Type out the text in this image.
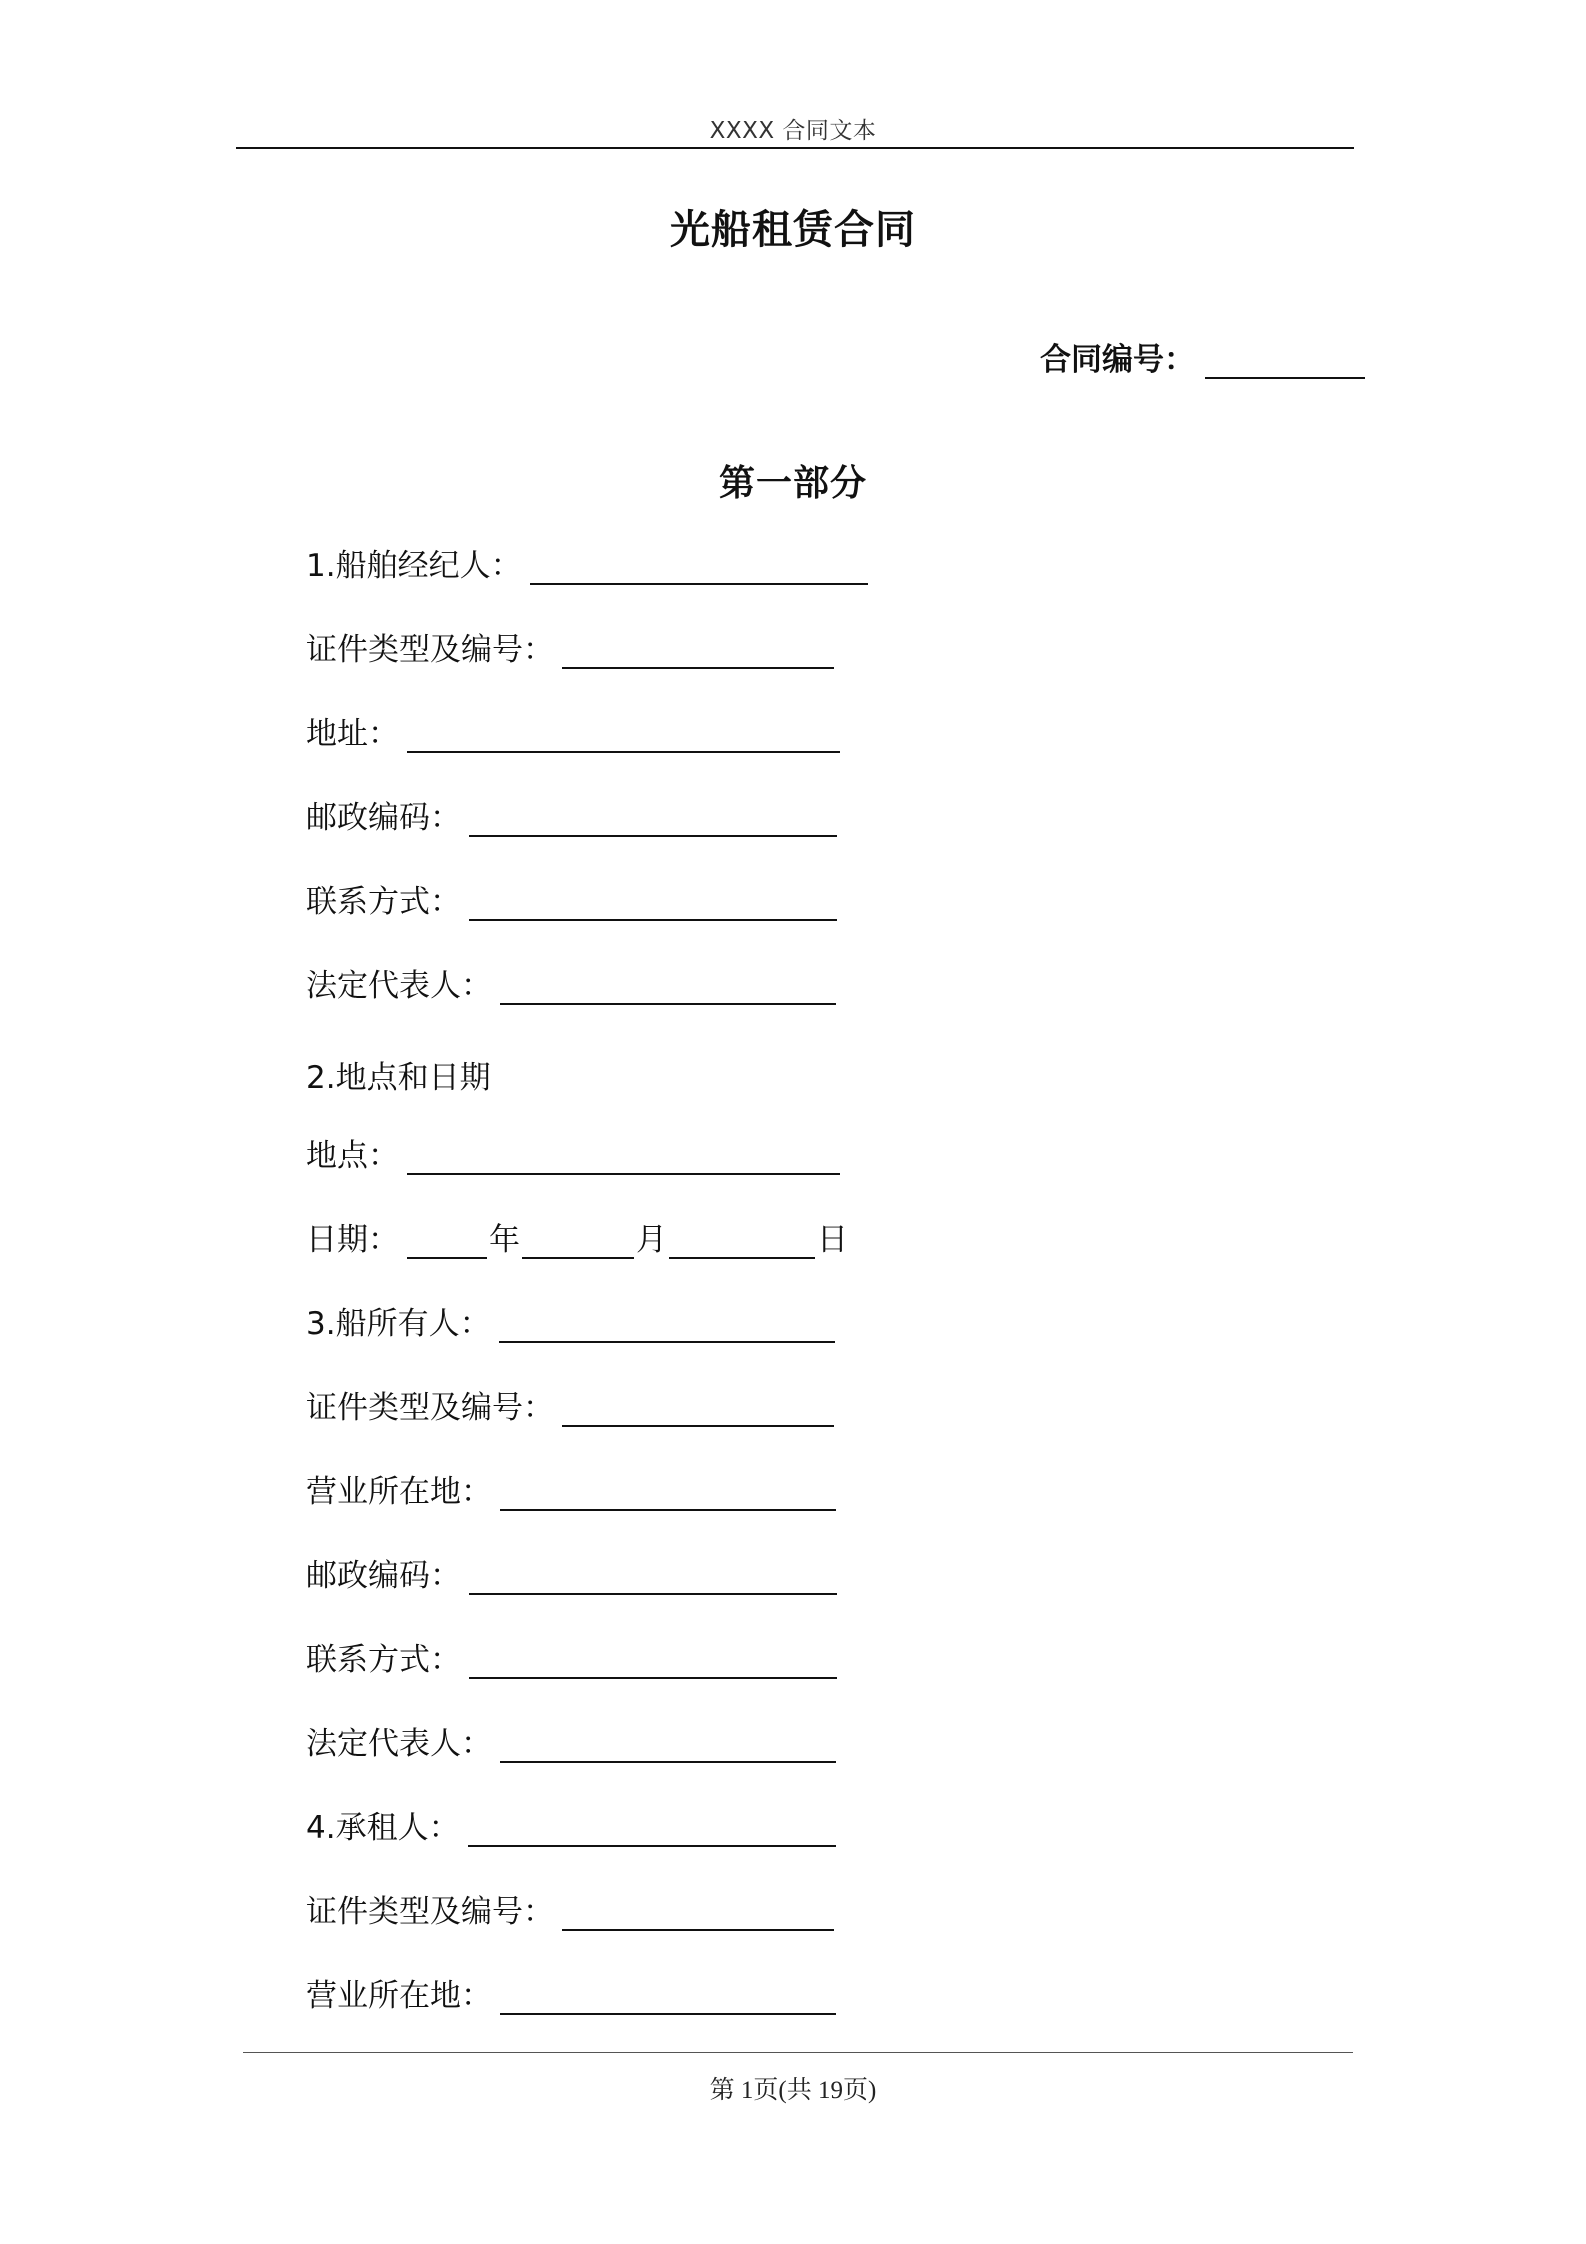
XXXX 合同文本
光船租赁合同
合同编号：
第一部分
1.船舶经纪人：
证件类型及编号：
地址：
邮政编码：
联系方式：
法定代表人：
2.地点和日期
地点：
日期：	年	月	日
3.船所有人：
证件类型及编号：
营业所在地：
邮政编码：
联系方式：
法定代表人：
4.承租人：
证件类型及编号：
营业所在地：
第 1页(共 19页)
